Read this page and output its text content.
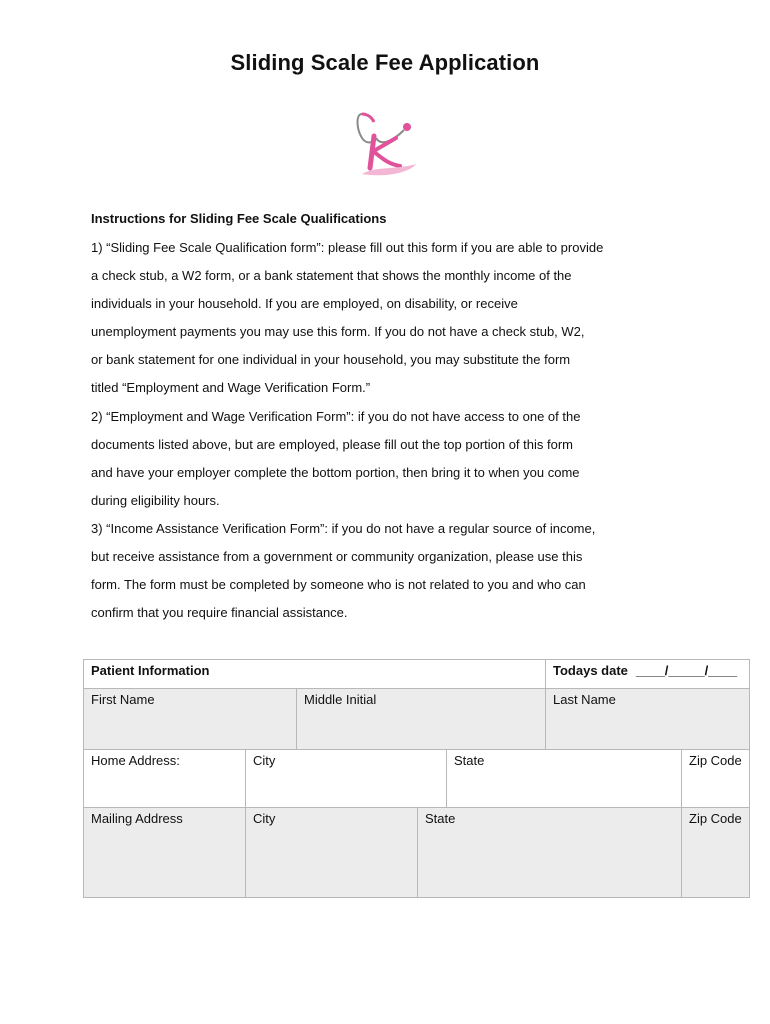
Sliding Scale Fee Application
Instructions for Sliding Fee Scale Qualifications
1) “Sliding Fee Scale Qualification form”: please fill out this form if you are able to provide
a check stub, a W2 form, or a bank statement that shows the monthly income of the
individuals in your household. If you are employed, on disability, or receive
unemployment payments you may use this form. If you do not have a check stub, W2,
or bank statement for one individual in your household, you may substitute the form
titled “Employment and Wage Verification Form.”
2) “Employment and Wage Verification Form”: if you do not have access to one of the
documents listed above, but are employed, please fill out the top portion of this form
and have your employer complete the bottom portion, then bring it to when you come
during eligibility hours.
3) “Income Assistance Verification Form”: if you do not have a regular source of income,
but receive assistance from a government or community organization, please use this
form. The form must be completed by someone who is not related to you and who can
confirm that you require financial assistance.
Patient Information					Todays date ____/_____/____	
First Name		Middle Initial			Last Name	
Home Address:	City			State		Zip Code
Mailing Address	City		State			Zip Code
